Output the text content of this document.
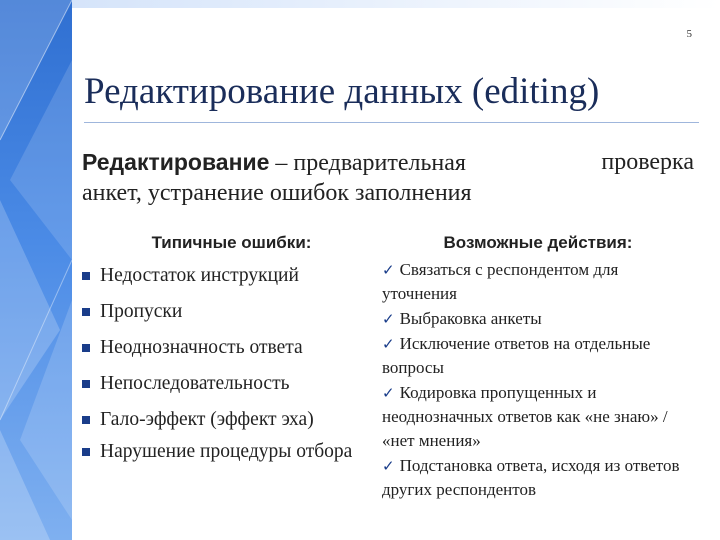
5
Редактирование данных (editing)
Редактирование – предварительная	проверка
анкет, устранение ошибок заполнения
Типичные ошибки:
Недостаток инструкций
Пропуски
Неоднозначность ответа
Непоследовательность
Гало-эффект (эффект эха)
Нарушение процедуры отбора
Возможные действия:
✓ Связаться с респондентом для уточнения
✓ Выбраковка анкеты
✓ Исключение ответов на отдельные вопросы
✓ Кодировка пропущенных и неоднозначных ответов как «не знаю» / «нет мнения»
✓ Подстановка ответа, исходя из ответов других респондентов
